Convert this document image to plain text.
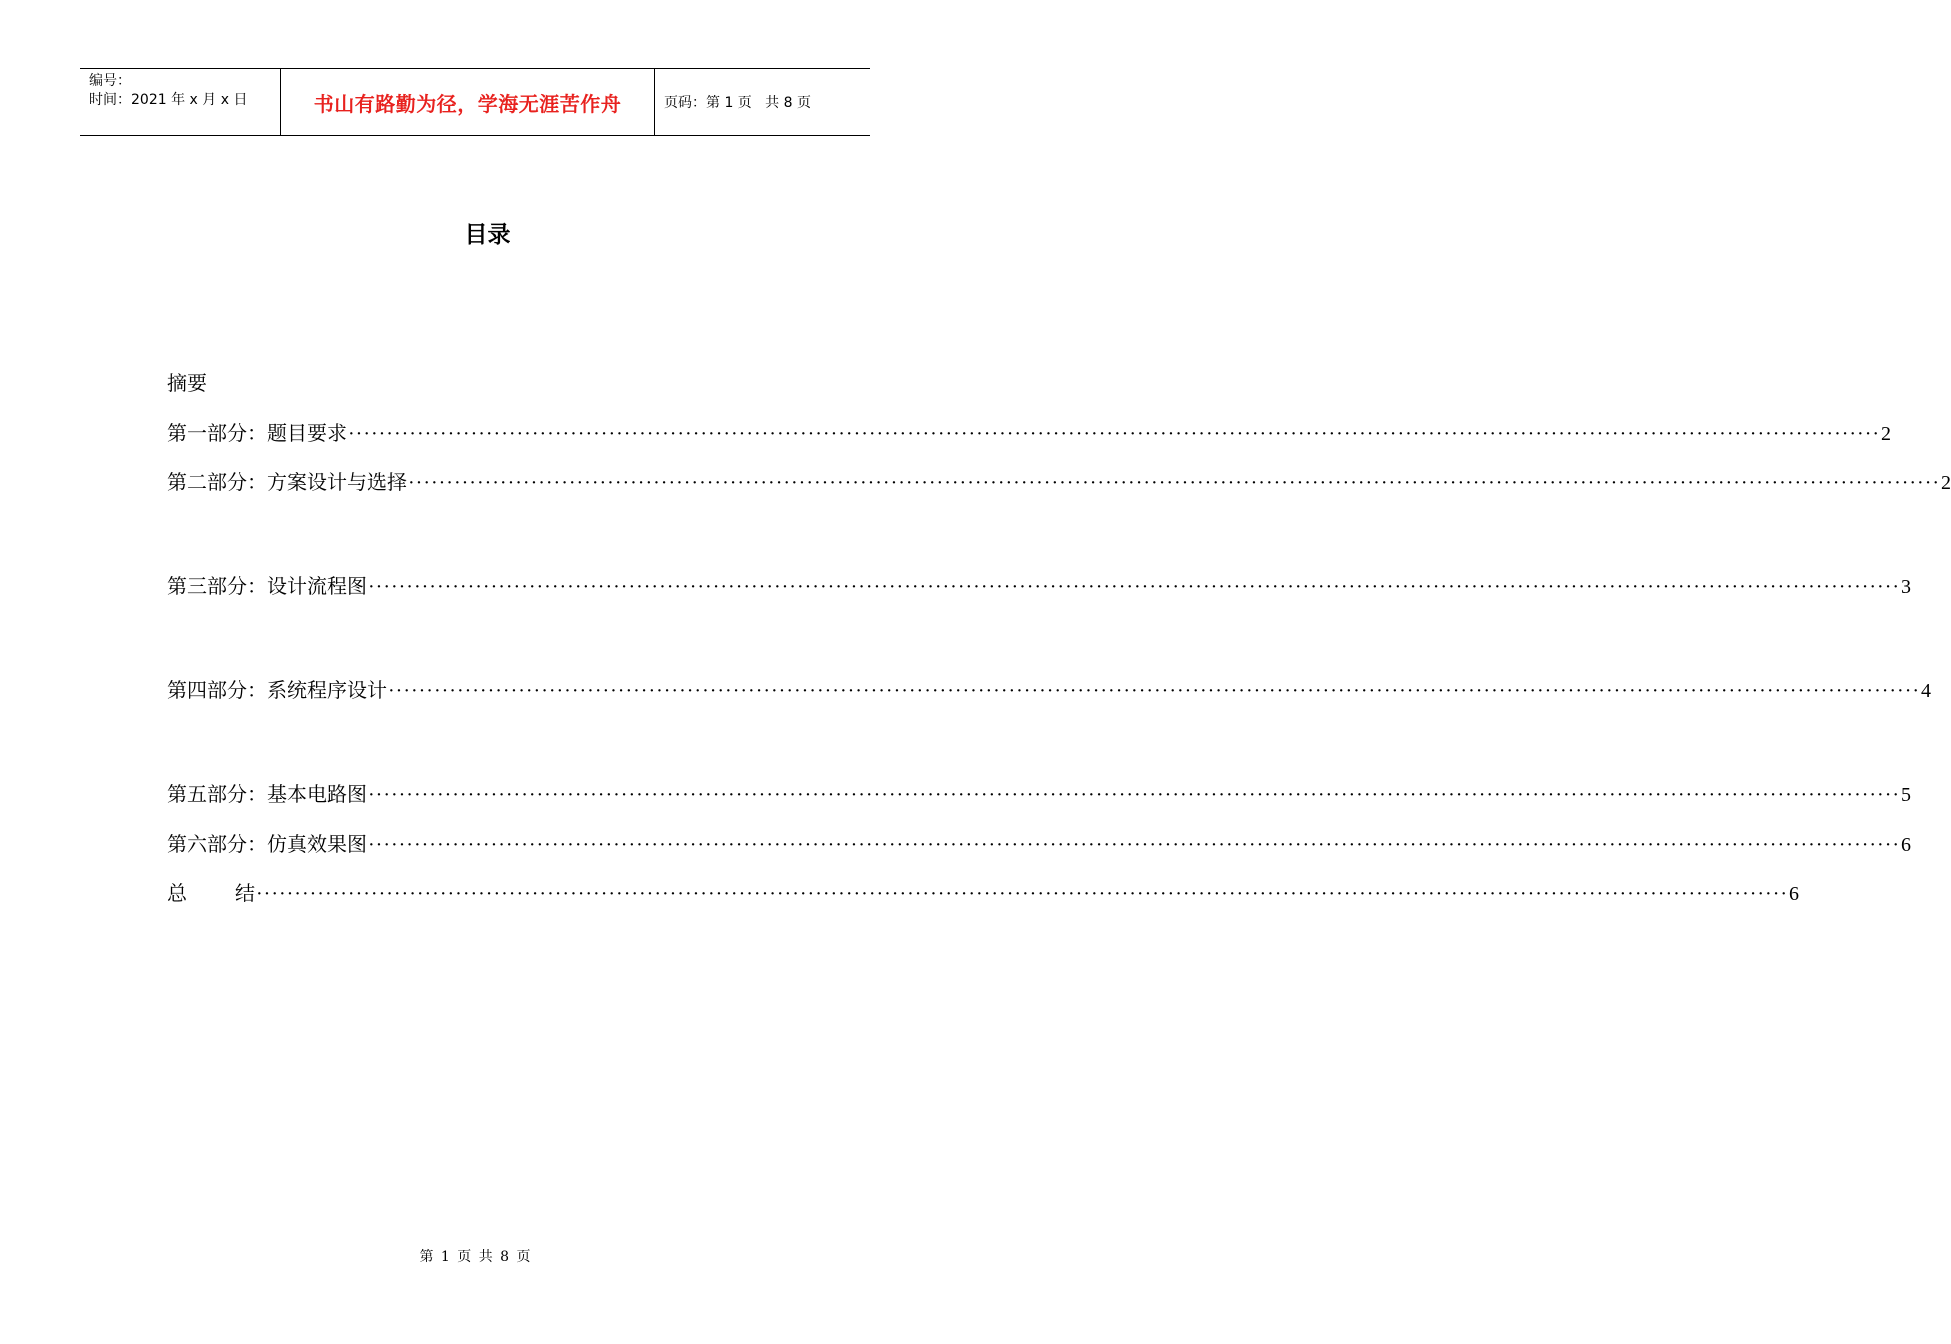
编号：
时间：2021 年 x 月 x 日	书山有路勤为径，学海无涯苦作舟	页码：第 1 页   共 8 页
目录
摘要
第一部分：题目要求 ········································································································································································································ 2
第二部分：方案设计与选择 ········································································································································································································ 2
第三部分：设计流程图 ········································································································································································································ 3
第四部分：系统程序设计 ········································································································································································································ 4
第五部分：基本电路图 ········································································································································································································ 5
第六部分：仿真效果图 ········································································································································································································ 6
总 结 ········································································································································································································ 6
第 1 页 共 8 页
